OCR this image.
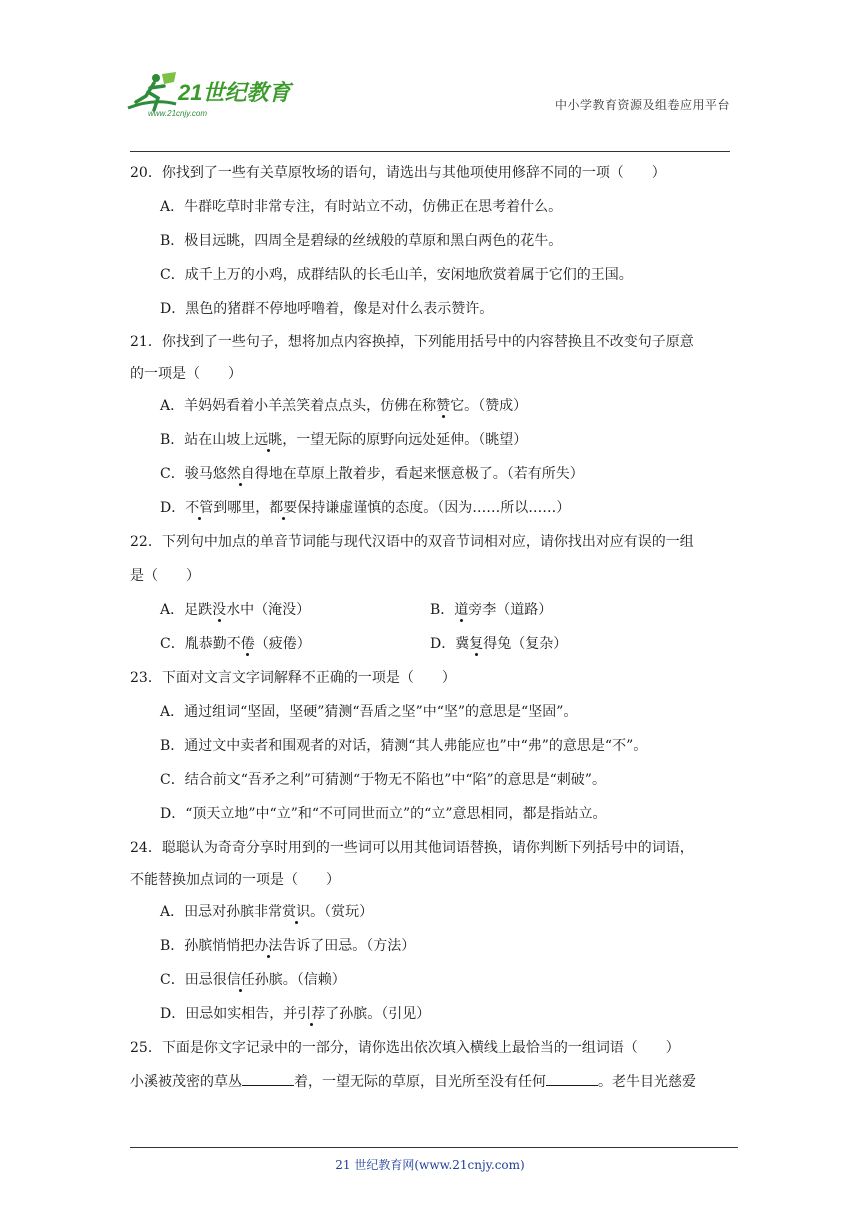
21世纪教育
www.21cnjy.com
中小学教育资源及组卷应用平台
20．你找到了一些有关草原牧场的语句，请选出与其他项使用修辞不同的一项（　　）
A．牛群吃草时非常专注，有时站立不动，仿佛正在思考着什么。
B．极目远眺，四周全是碧绿的丝绒般的草原和黑白两色的花牛。
C．成千上万的小鸡，成群结队的长毛山羊，安闲地欣赏着属于它们的王国。
D．黑色的猪群不停地呼噜着，像是对什么表示赞许。
21．你找到了一些句子，想将加点内容换掉，下列能用括号中的内容替换且不改变句子原意
的一项是（　　）
A．羊妈妈看着小羊羔笑着点点头，仿佛在称赞它。（赞成）
B．站在山坡上远眺，一望无际的原野向远处延伸。（眺望）
C．骏马悠然自得地在草原上散着步，看起来惬意极了。（若有所失）
D．不管到哪里，都要保持谦虚谨慎的态度。（因为……所以……）
22．下列句中加点的单音节词能与现代汉语中的双音节词相对应，请你找出对应有误的一组
是（　　）
A．足跌没水中（淹没）	B．道旁李（道路）
C．胤恭勤不倦（疲倦）	D．冀复得兔（复杂）
23．下面对文言文字词解释不正确的一项是（　　）
A．通过组词“坚固，坚硬”猜测“吾盾之坚”中“坚”的意思是“坚固”。
B．通过文中卖者和围观者的对话，猜测“其人弗能应也”中“弗”的意思是“不”。
C．结合前文“吾矛之利”可猜测“于物无不陷也”中“陷”的意思是“刺破”。
D．“顶天立地”中“立”和“不可同世而立”的“立”意思相同，都是指站立。
24．聪聪认为奇奇分享时用到的一些词可以用其他词语替换，请你判断下列括号中的词语，
不能替换加点词的一项是（　　）
A．田忌对孙膑非常赏识。（赏玩）
B．孙膑悄悄把办法告诉了田忌。（方法）
C．田忌很信任孙膑。（信赖）
D．田忌如实相告，并引荐了孙膑。（引见）
25．下面是你文字记录中的一部分，请你选出依次填入横线上最恰当的一组词语（　　）
小溪被茂密的草丛	着，一望无际的草原，目光所至没有任何	。老牛目光慈爱
21 世纪教育网(www.21cnjy.com)
